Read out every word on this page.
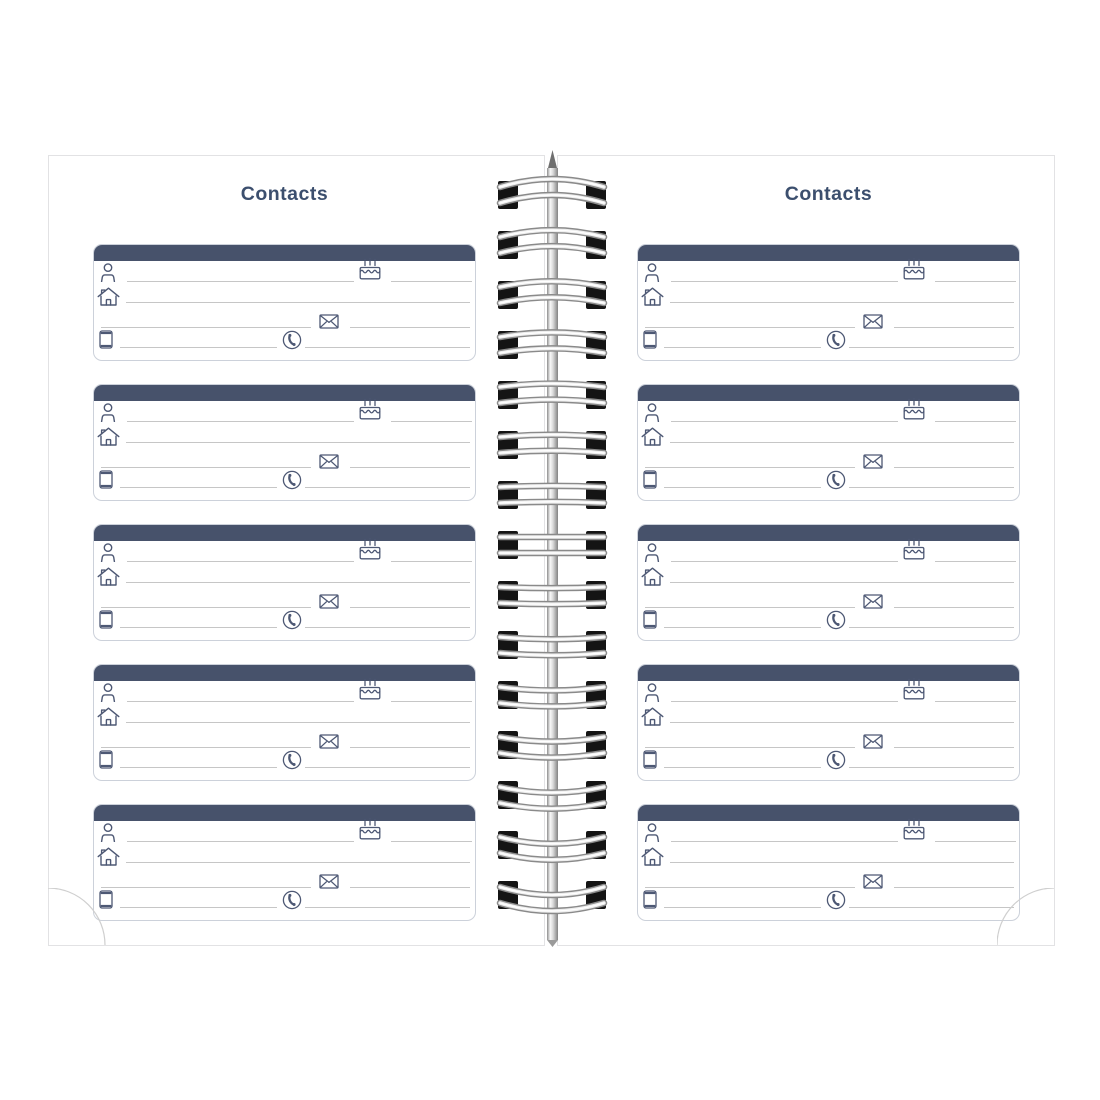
Contacts	Contacts
